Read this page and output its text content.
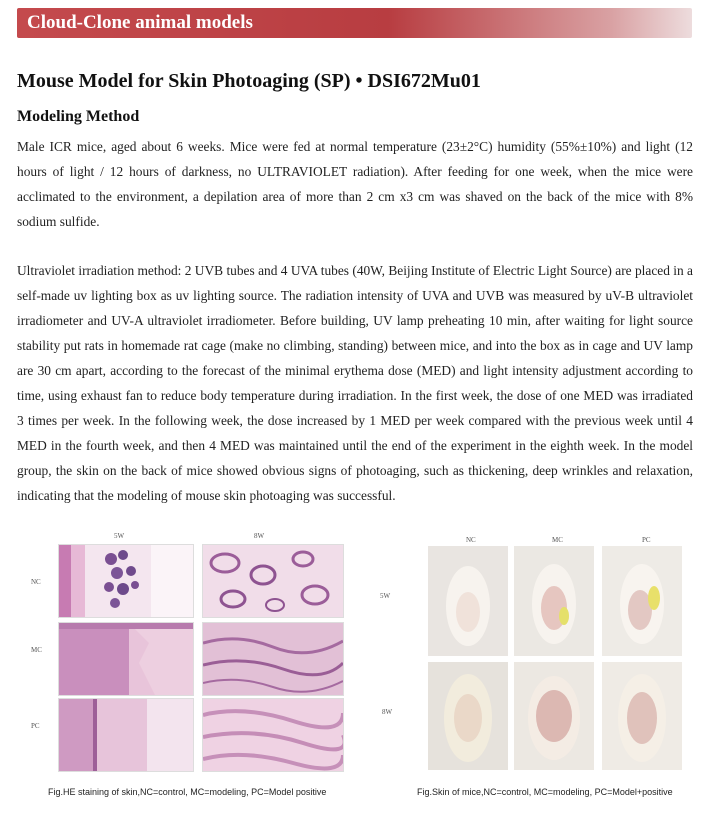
Cloud-Clone animal models
Mouse Model for Skin Photoaging (SP) • DSI672Mu01
Modeling Method

Male ICR mice, aged about 6 weeks. Mice were fed at normal temperature (23±2°C) humidity (55%±10%) and light (12 hours of light / 12 hours of darkness, no ULTRAVIOLET radiation). After feeding for one week, when the mice were acclimated to the environment, a depilation area of more than 2 cm x3 cm was shaved on the back of the mice with 8% sodium sulfide.

Ultraviolet irradiation method: 2 UVB tubes and 4 UVA tubes (40W, Beijing Institute of Electric Light Source) are placed in a self-made uv lighting box as uv lighting source. The radiation intensity of UVA and UVB was measured by uV-B ultraviolet irradiometer and UV-A ultraviolet irradiometer. Before building, UV lamp preheating 10 min, after waiting for light source stability put rats in homemade rat cage (make no climbing, standing) between mice, and into the box as in cage and UV lamp are 30 cm apart, according to the forecast of the minimal erythema dose (MED) and light intensity adjustment according to time, using exhaust fan to reduce body temperature during irradiation. In the first week, the dose of one MED was irradiated 3 times per week. In the following week, the dose increased by 1 MED per week compared with the previous week until 4 MED in the fourth week, and then 4 MED was maintained until the end of the experiment in the eighth week. In the model group, the skin on the back of mice showed obvious signs of photoaging, such as thickening, deep wrinkles and relaxation, indicating that the modeling of mouse skin photoaging was successful.

5W	8W
NC
MC
PC
NC	MC	PC
5W
8W
Fig.HE staining of skin,NC=control, MC=modeling, PC=Model positive	Fig.Skin of mice,NC=control, MC=modeling, PC=Model+positive
